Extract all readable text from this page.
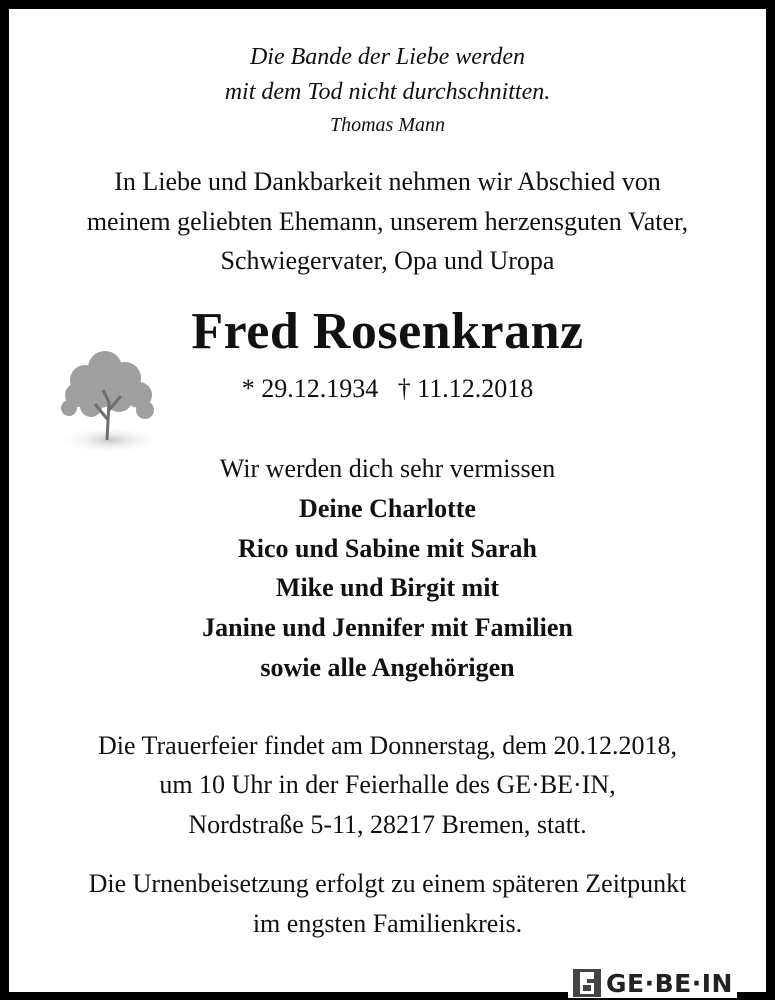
Die Bande der Liebe werden
mit dem Tod nicht durchschnitten.
Thomas Mann
In Liebe und Dankbarkeit nehmen wir Abschied von
meinem geliebten Ehemann, unserem herzensguten Vater,
Schwiegervater, Opa und Uropa
Fred Rosenkranz
* 29.12.1934   † 11.12.2018
Wir werden dich sehr vermissen
Deine Charlotte
Rico und Sabine mit Sarah
Mike und Birgit mit
Janine und Jennifer mit Familien
sowie alle Angehörigen
Die Trauerfeier findet am Donnerstag, dem 20.12.2018,
um 10 Uhr in der Feierhalle des GE·BE·IN,
Nordstraße 5-11, 28217 Bremen, statt.
Die Urnenbeisetzung erfolgt zu einem späteren Zeitpunkt
im engsten Familienkreis.
GE·BE·IN
